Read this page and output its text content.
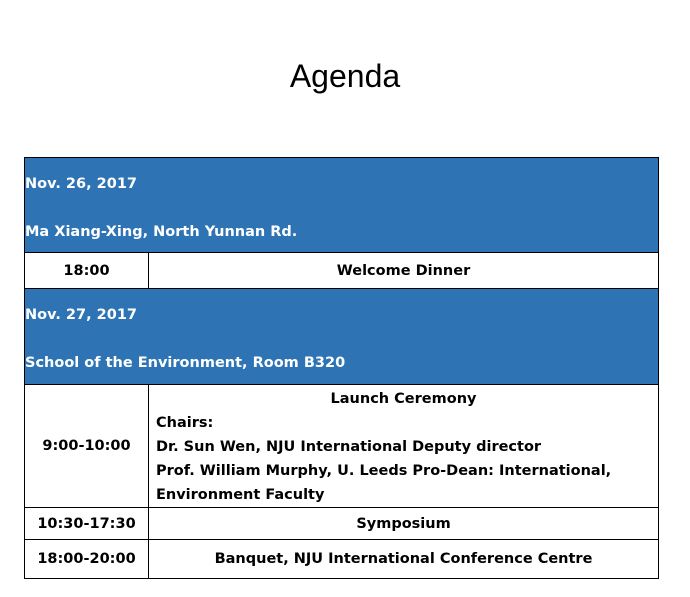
Agenda
Nov. 26, 2017
Ma Xiang-Xing, North Yunnan Rd.	

18:00	Welcome Dinner

Nov. 27, 2017
School of the Environment, Room B320	

9:00-10:00	Launch Ceremony
Chairs:
Dr. Sun Wen, NJU International Deputy director
Prof. William Murphy, U. Leeds Pro-Dean: International,
Environment Faculty

10:30-17:30	Symposium
18:00-20:00	Banquet, NJU International Conference Centre
